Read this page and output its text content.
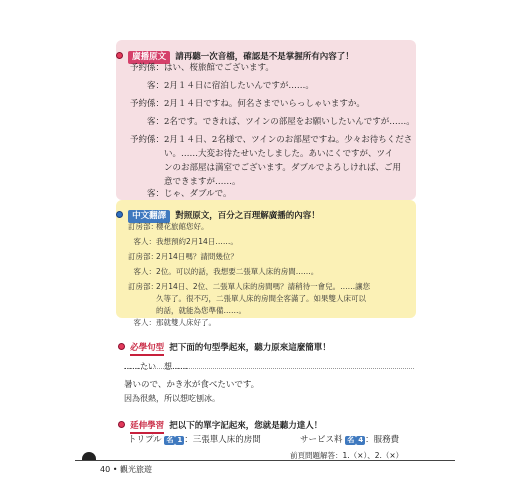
廣播原文 請再聽一次音檔，確認是不是掌握所有內容了！
予約係：はい、桜旅館でございます。
客：2月１４日に宿泊したいんですが……。
予約係：2月１４日ですね。何名さまでいらっしゃいますか。
客：2名です。できれば、ツインの部屋をお願いしたいんですが……。
予約係：2月１４日、2名様で、ツインのお部屋ですね。少々お待ちくださ
い。……大変お待たせいたしました。あいにくですが、ツイ
ンのお部屋は満室でございます。ダブルでよろしければ、ご用
意できますが……。
客：じゃ、ダブルで。
中文翻譯 對照原文，百分之百理解廣播的內容！
訂房部：櫻花旅館您好。
客人：我想預約2月14日……。
訂房部：2月14日嗎？請問幾位？
客人：2位。可以的話，我想要二張單人床的房間……。
訂房部：2月14日、2位、二張單人床的房間嗎？請稍待一會兒。……讓您
久等了。很不巧，二張單人床的房間全客滿了。如果雙人床可以
的話，就能為您準備……。
客人：那就雙人床好了。
必學句型 把下面的句型學起來，聽力原來這麼簡單！
……たい　想……
暑いので、かき氷が食べたいです。
因為很熱，所以想吃刨冰。
延伸學習 把以下的單字記起來，您就是聽力達人！
トリプル 名 1 ：三張單人床的房間	サービス料 名 4 ：服務費
前頁問題解答：1.（×）、2.（×）
40 • 觀光旅遊
